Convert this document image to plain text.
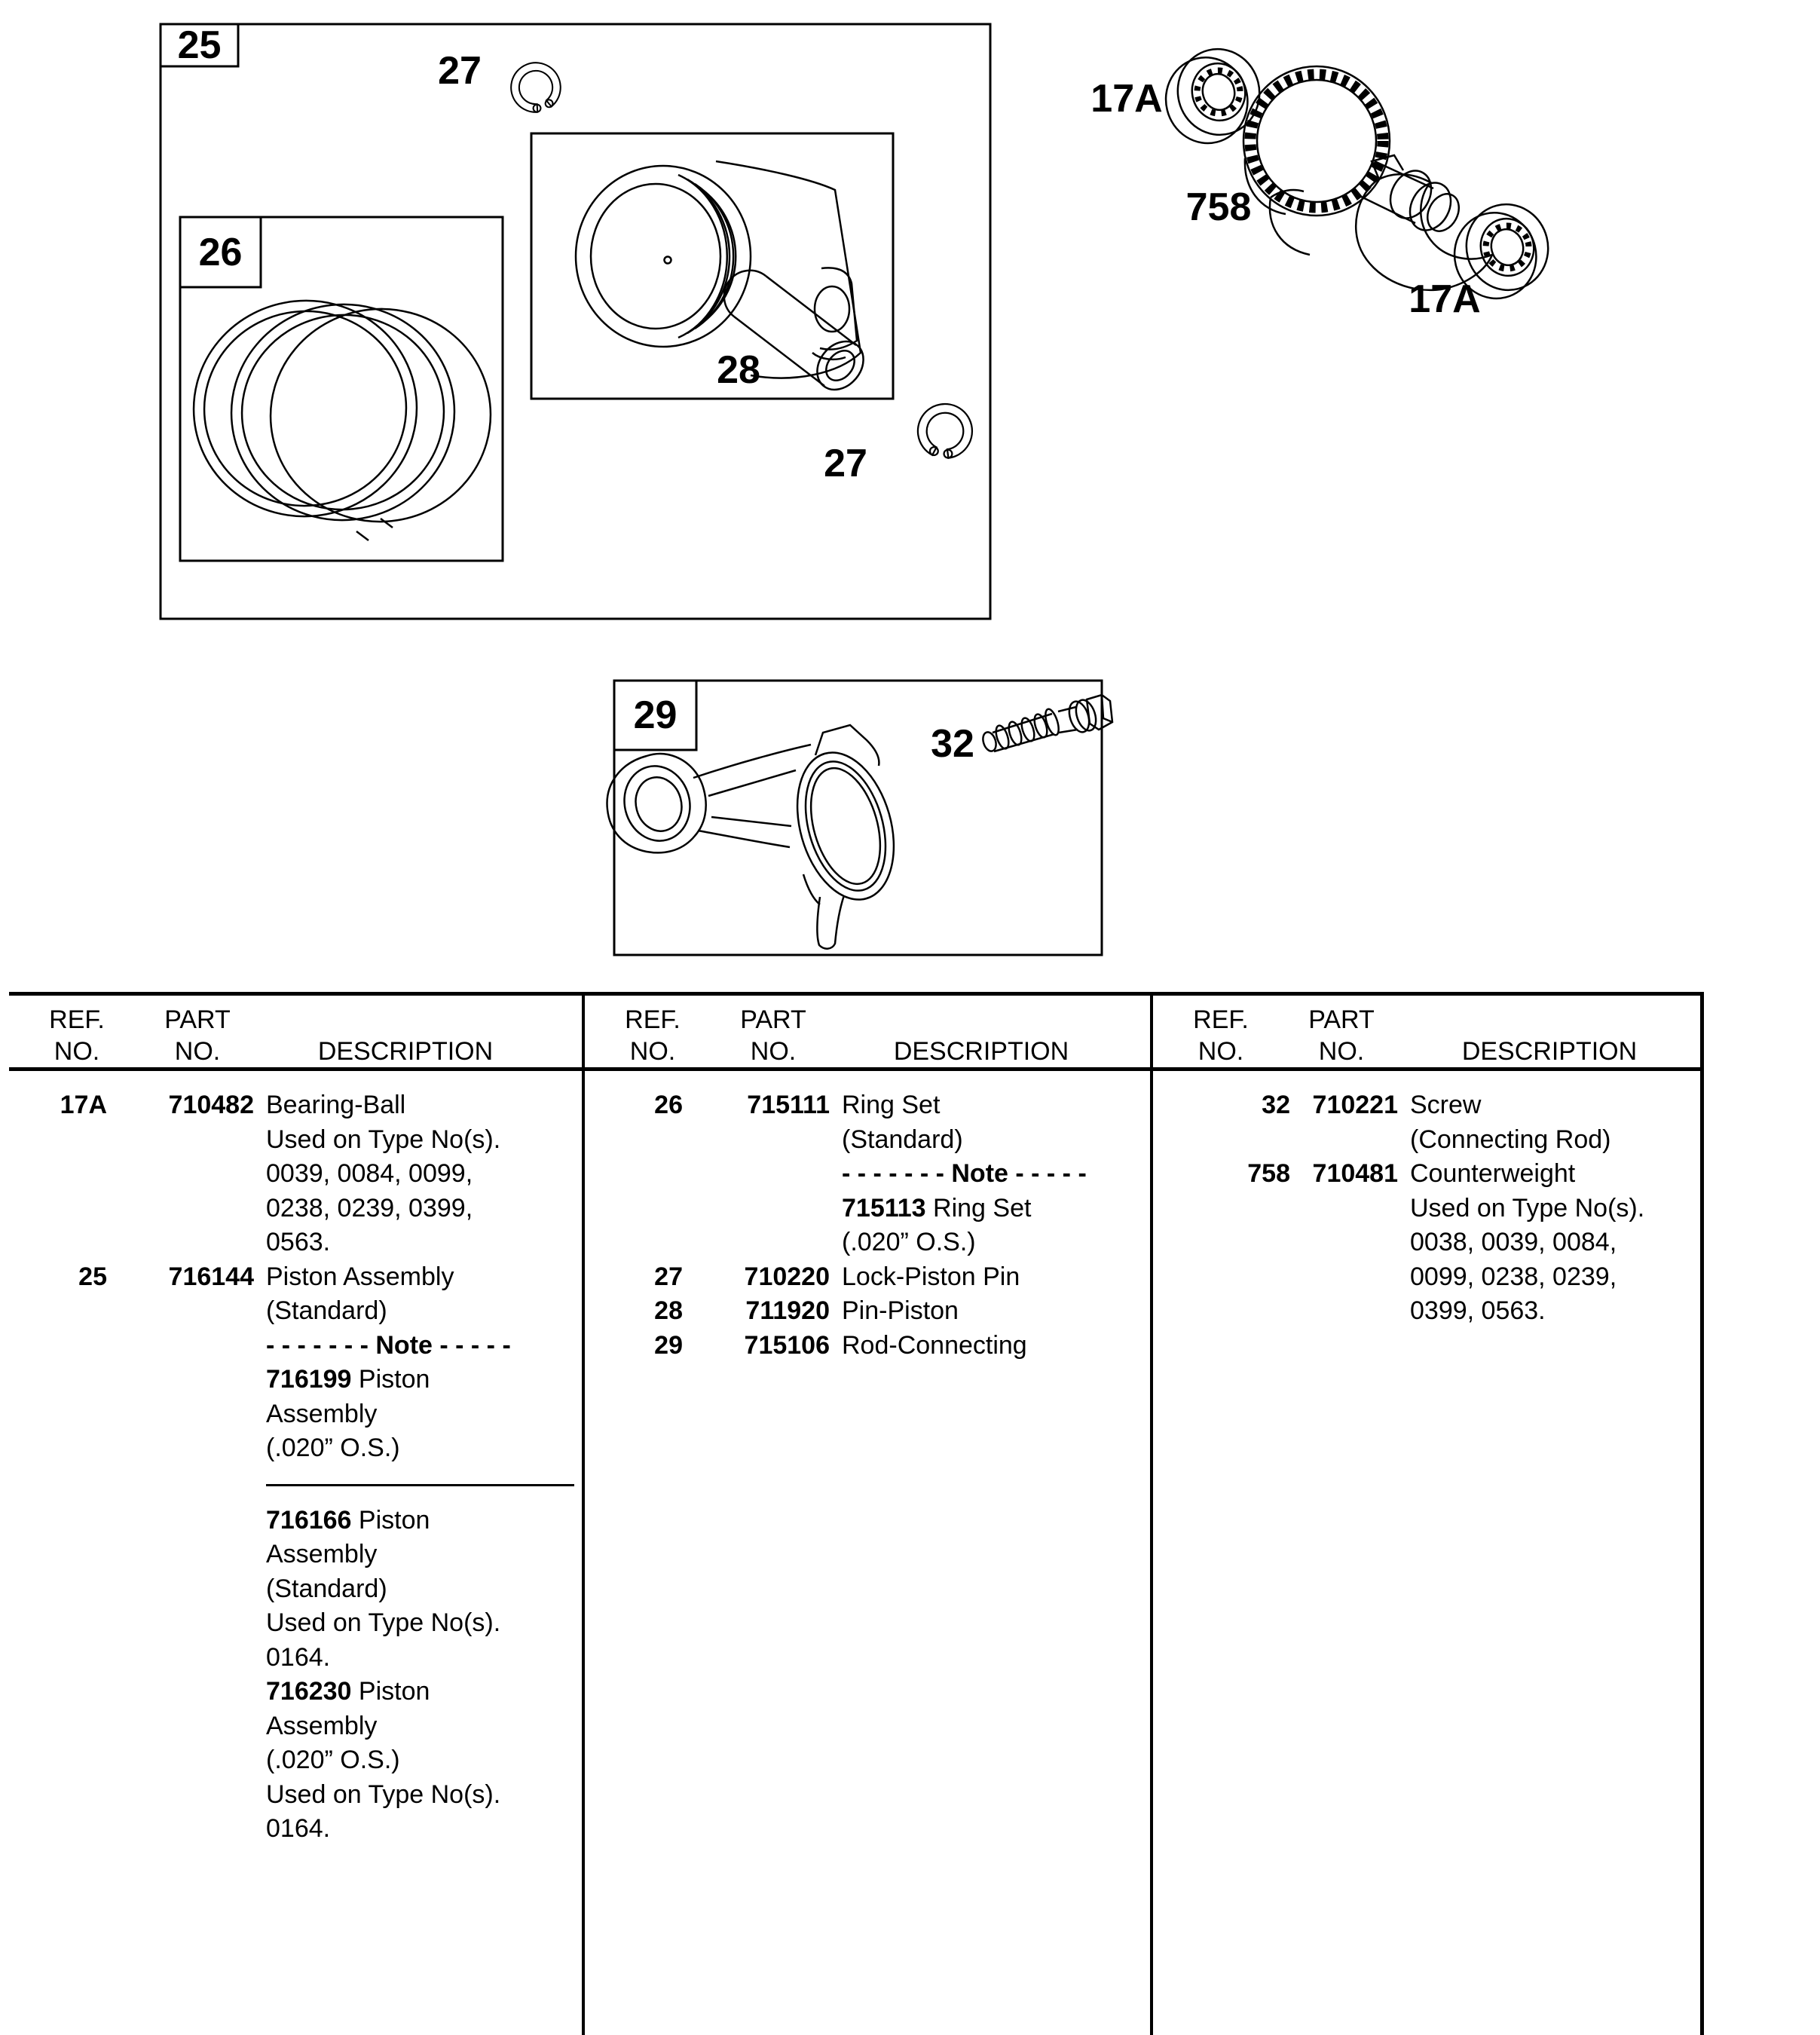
25
26
27
28
27
17A
758
17A
29
32
REF.
NO.
PART
NO.	DESCRIPTION
17A	710482 Bearing-Ball
Used on Type No(s).
0039, 0084, 0099,
0238, 0239, 0399,
0563.
25	716144 Piston Assembly
(Standard)
- - - - - - - Note - - - - -
716199 Piston
Assembly
(.020” O.S.)
716166 Piston
Assembly
(Standard)
Used on Type No(s).
0164.
716230 Piston
Assembly
(.020” O.S.)
Used on Type No(s).
0164.
REF.
NO.
PART
NO.	DESCRIPTION
26	715111 Ring Set
(Standard)
- - - - - - - Note - - - - -
715113 Ring Set
(.020” O.S.)
27	710220 Lock-Piston Pin
28	711920 Pin-Piston
29	715106 Rod-Connecting
REF.
NO.
PART
NO.	DESCRIPTION
32 710221 Screw
(Connecting Rod)
758 710481 Counterweight
Used on Type No(s).
0038, 0039, 0084,
0099, 0238, 0239,
0399, 0563.
